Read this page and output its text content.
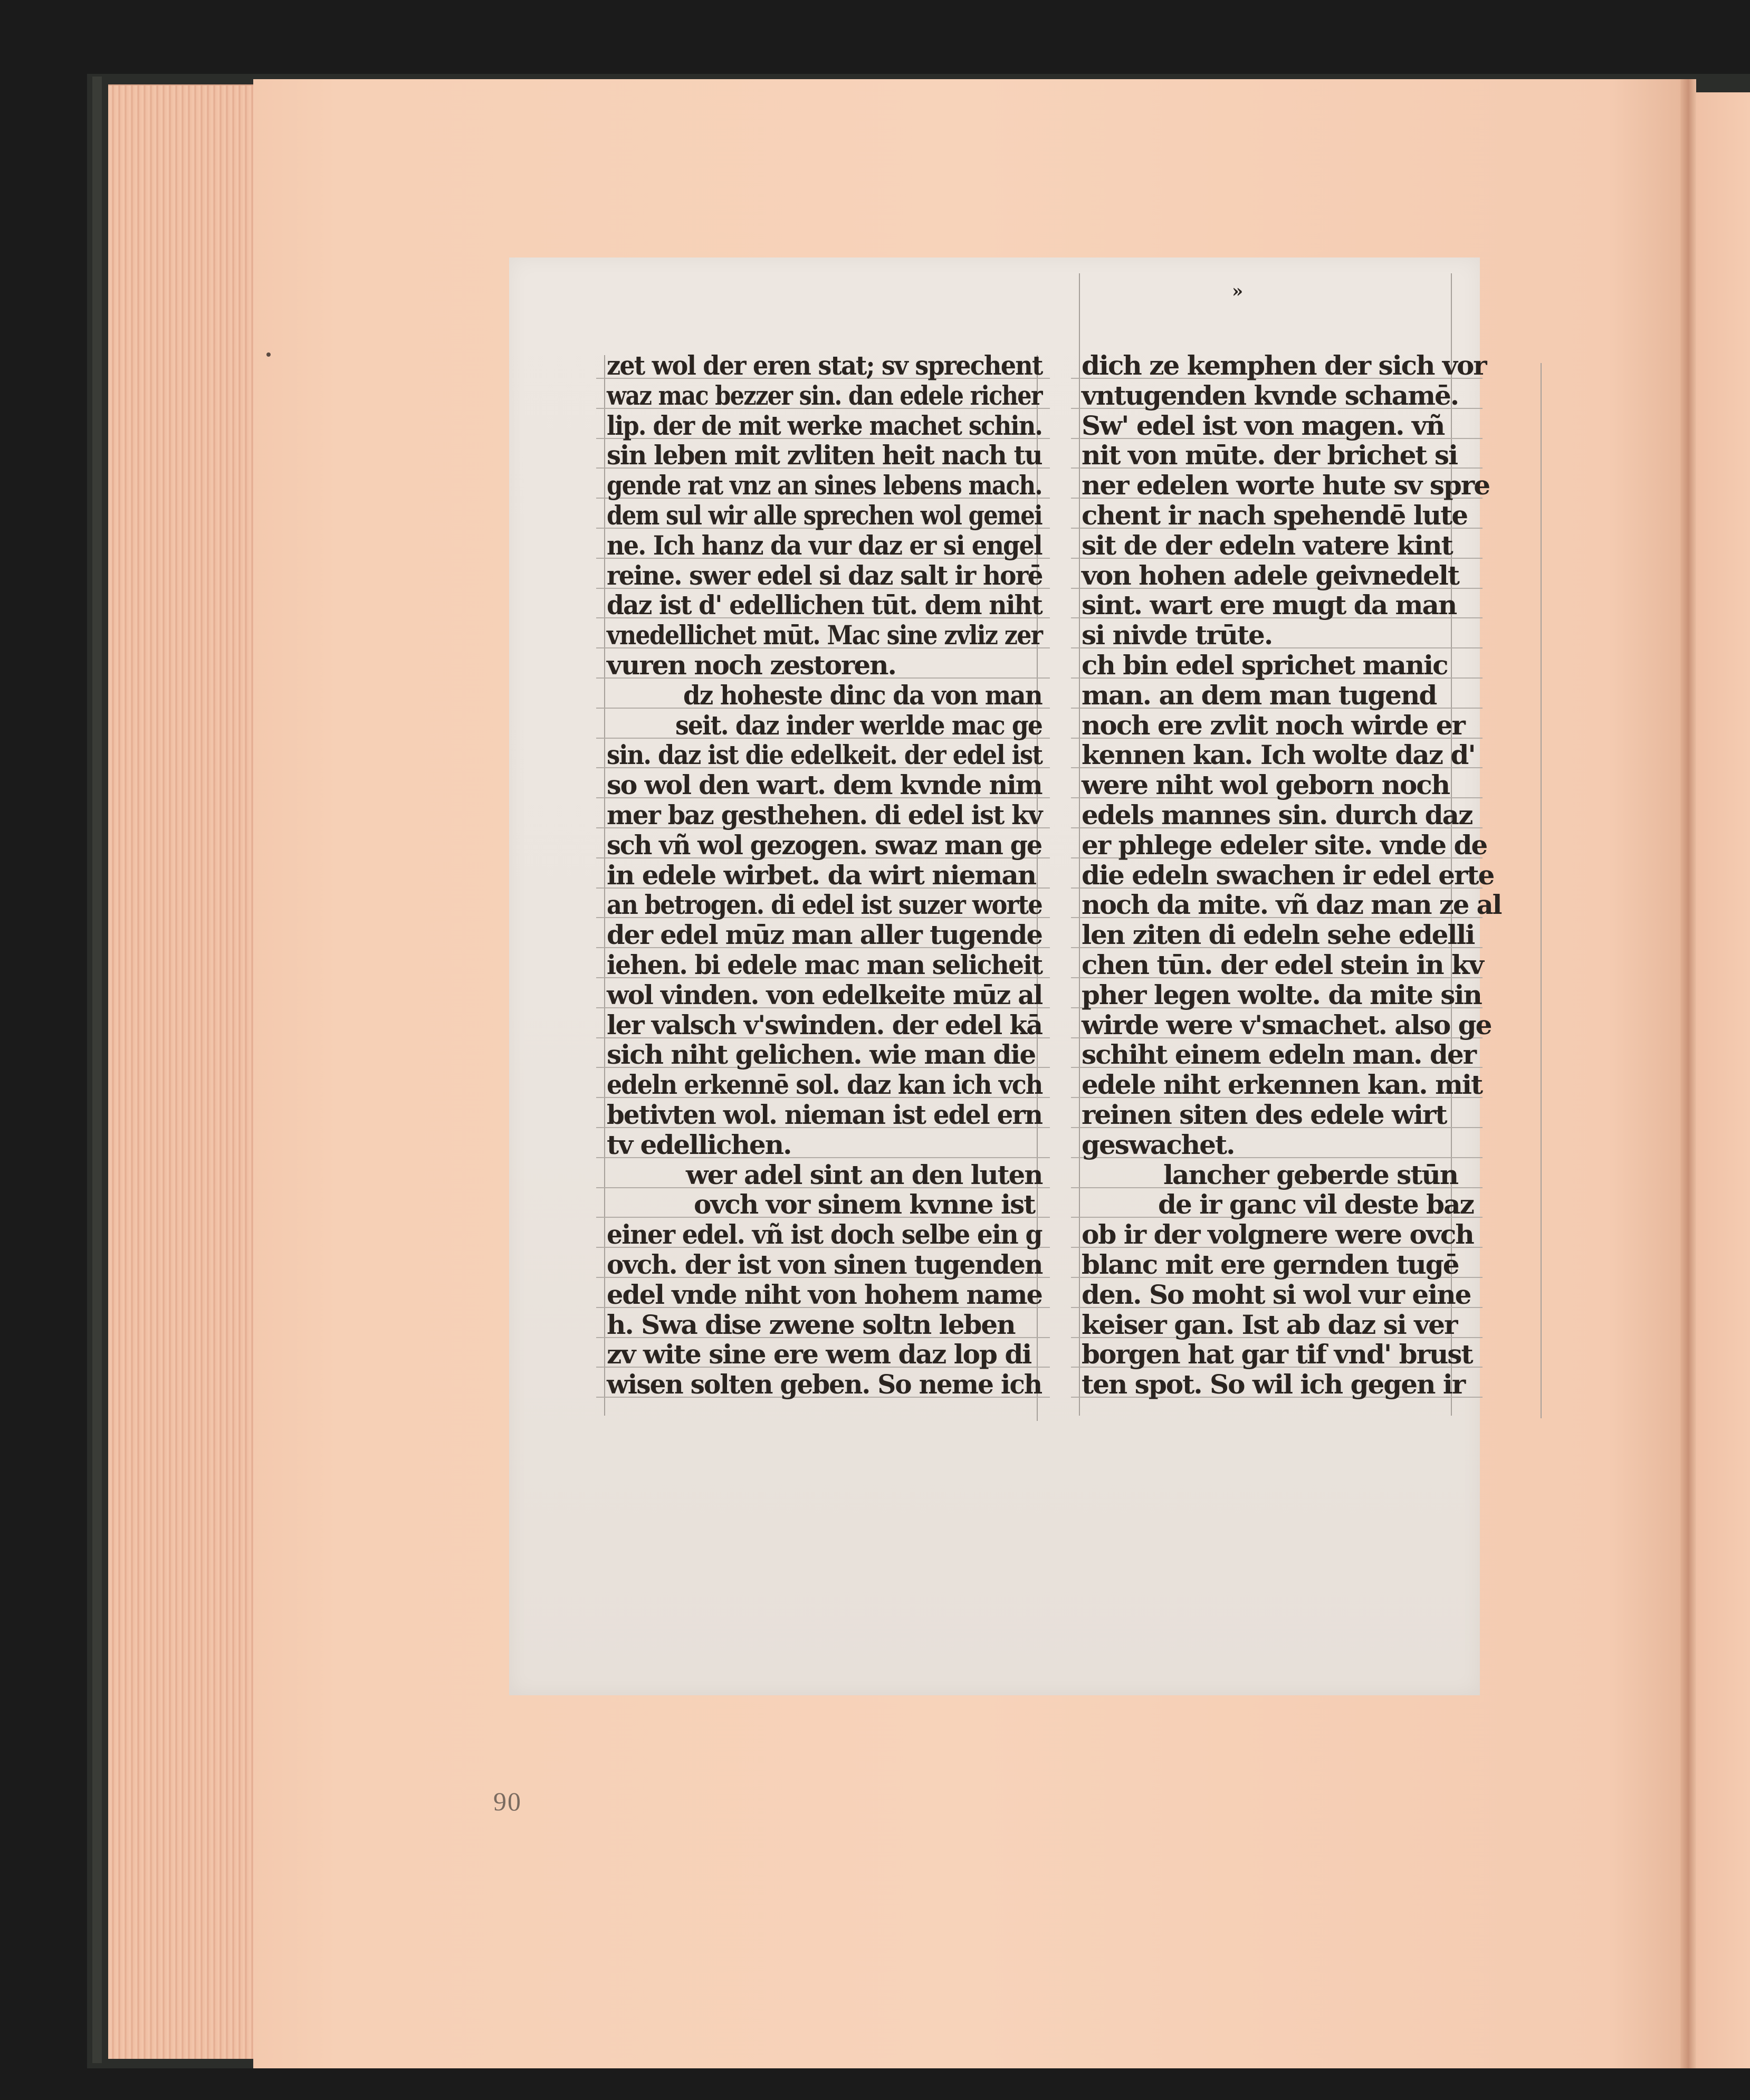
»
zet wol der eren stat; sv sprechent
waz mac bezzer sin. dan edele richer
lip. der de mit werke machet schin.
sin leben mit zvliten heit nach tu
gende rat vnz an sines lebens mach.
dem sul wir alle sprechen wol gemei
ne. Ich hanz da vur daz er si engel
reine. swer edel si daz salt ir horē
daz ist d' edellichen tūt. dem niht
vnedellichet mūt. Mac sine zvliz zer
vuren noch zestoren.
dz hoheste dinc da von man
seit. daz inder werlde mac ge
sin. daz ist die edelkeit. der edel ist
so wol den wart. dem kvnde nim
mer baz gesthehen. di edel ist kv
sch vñ wol gezogen. swaz man ge
in edele wirbet. da wirt nieman
an betrogen. di edel ist suzer worte
der edel mūz man aller tugende
iehen. bi edele mac man selicheit
wol vinden. von edelkeite mūz al
ler valsch v'swinden. der edel kā
sich niht gelichen. wie man die
edeln erkennē sol. daz kan ich vch
betivten wol. nieman ist edel ern
tv edellichen.
wer adel sint an den luten
ovch vor sinem kvnne ist
einer edel. vñ ist doch selbe ein g
ovch. der ist von sinen tugenden
edel vnde niht von hohem name
h. Swa dise zwene soltn leben
zv wite sine ere wem daz lop di
wisen solten geben. So neme ich
dich ze kemphen der sich vor
vntugenden kvnde schamē.
Sw' edel ist von magen. vñ
nit von mūte. der brichet si
ner edelen worte hute sv spre
chent ir nach spehendē lute
sit de der edeln vatere kint
von hohen adele geivnedelt
sint. wart ere mugt da man
si nivde trūte.
ch bin edel sprichet manic
man. an dem man tugend
noch ere zvlit noch wirde er
kennen kan. Ich wolte daz d'
were niht wol geborn noch
edels mannes sin. durch daz
er phlege edeler site. vnde de
die edeln swachen ir edel erte
noch da mite. vñ daz man ze al
len ziten di edeln sehe edelli
chen tūn. der edel stein in kv
pher legen wolte. da mite sin
wirde were v'smachet. also ge
schiht einem edeln man. der
edele niht erkennen kan. mit
reinen siten des edele wirt
geswachet.
lancher geberde stūn
de ir ganc vil deste baz
ob ir der volgnere were ovch
blanc mit ere gernden tugē
den. So moht si wol vur eine
keiser gan. Ist ab daz si ver
borgen hat gar tif vnd' brust
ten spot. So wil ich gegen ir
90
